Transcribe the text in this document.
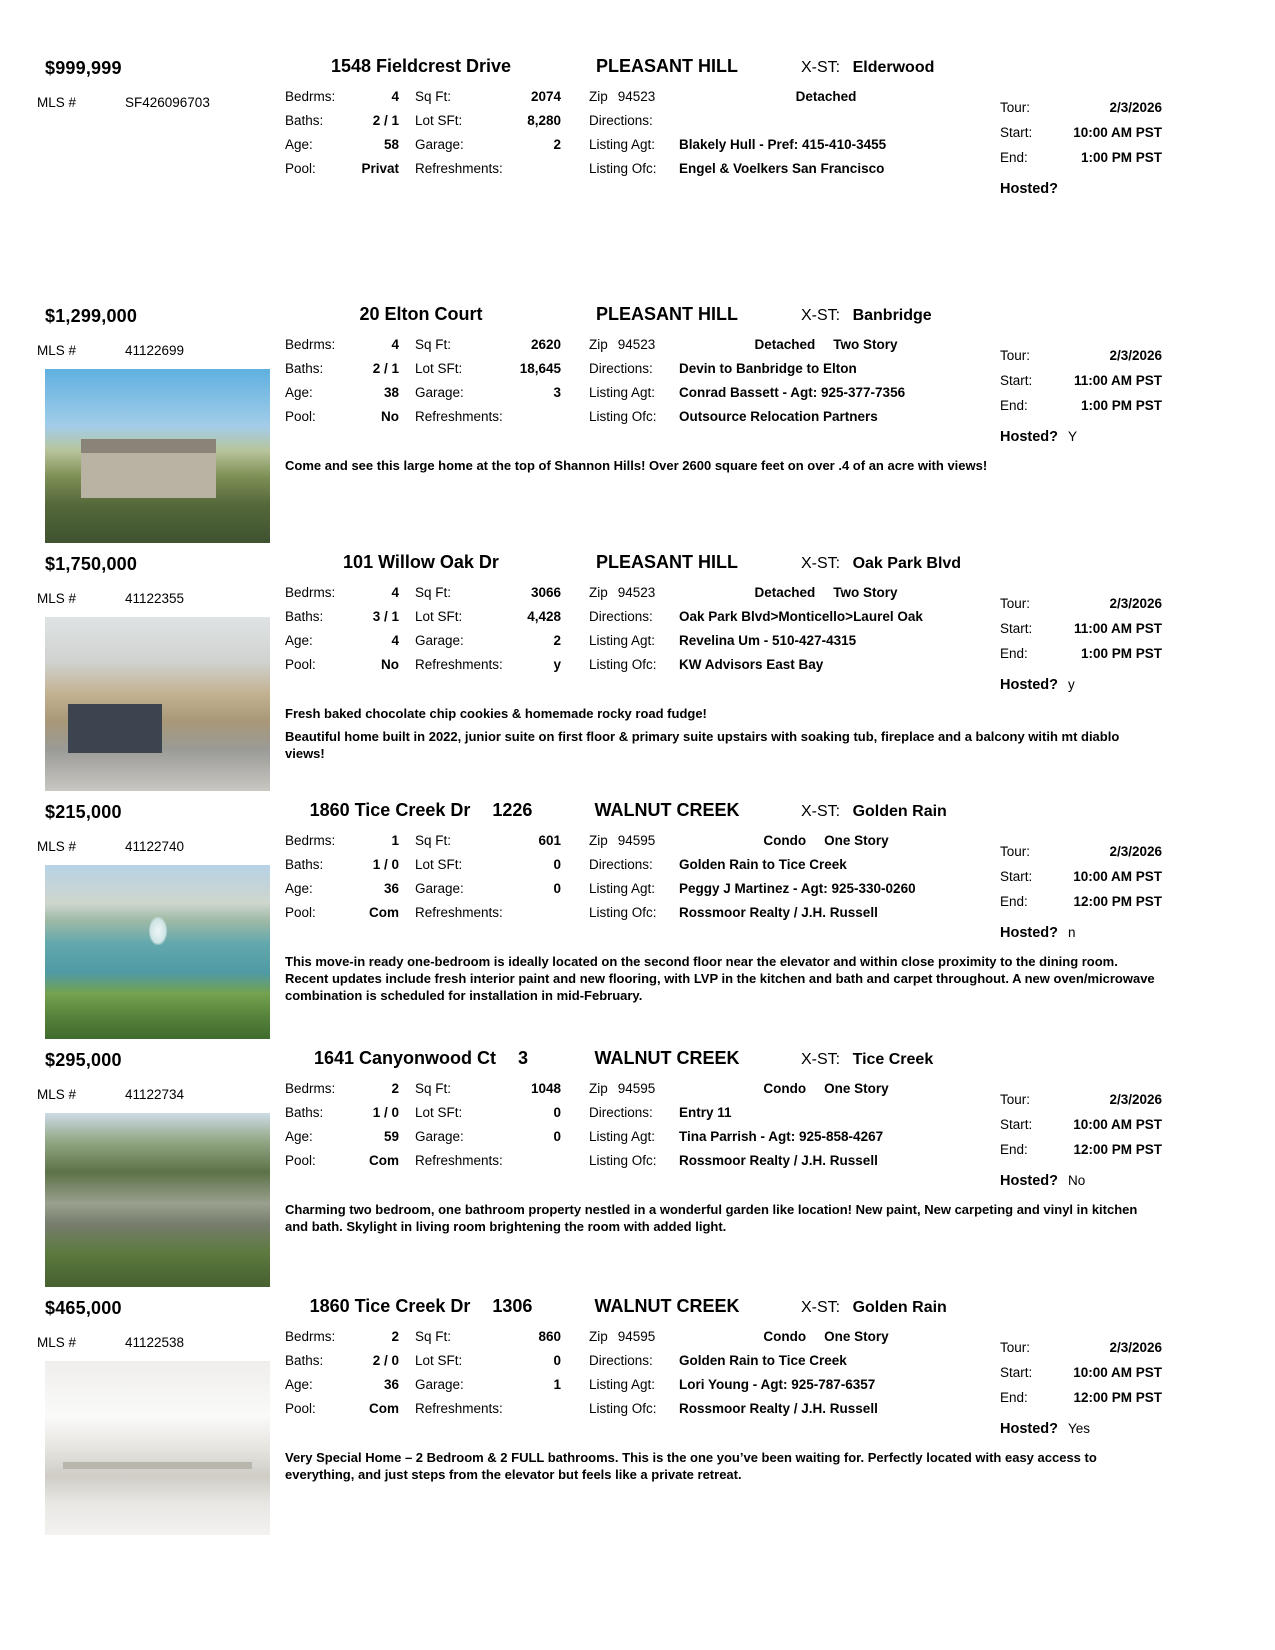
$999,999
MLS #	SF426096703
1548 Fieldcrest Drive	PLEASANT HILL	X-ST: Elderwood
Bedrms:	4 Sq Ft:	2074 Zip 94523	Detached
Baths:	2 / 1 Lot SFt:	8,280 Directions:
Age:	58 Garage:	2 Listing Agt:	Blakely Hull - Pref: 415-410-3455
Pool:	Privat Refreshments:	Listing Ofc:	Engel & Voelkers San Francisco
Tour:	2/3/2026
Start:	10:00 AM PST
End:	1:00 PM PST
Hosted?
$1,299,000
MLS #	41122699
20 Elton Court	PLEASANT HILL	X-ST: Banbridge
Bedrms:	4 Sq Ft:	2620 Zip 94523	Detached Two Story
Baths:	2 / 1 Lot SFt:	18,645 Directions:	Devin to Banbridge to Elton
Age:	38 Garage:	3 Listing Agt:	Conrad Bassett - Agt: 925-377-7356
Pool:	No Refreshments:	Listing Ofc:	Outsource Relocation Partners

Come and see this large home at the top of Shannon Hills! Over 2600 square feet on over .4 of an acre with views!

Tour:	2/3/2026
Start:	11:00 AM PST
End:	1:00 PM PST
Hosted? Y
$1,750,000
MLS #	41122355
101 Willow Oak Dr	PLEASANT HILL	X-ST: Oak Park Blvd
Bedrms:	4 Sq Ft:	3066 Zip 94523	Detached Two Story
Baths:	3 / 1 Lot SFt:	4,428 Directions:	Oak Park Blvd>Monticello>Laurel Oak
Age:	4 Garage:	2 Listing Agt:	Revelina Um - 510-427-4315
Pool:	No Refreshments:	y Listing Ofc:	KW Advisors East Bay

Fresh baked chocolate chip cookies & homemade rocky road fudge!

Beautiful home built in 2022, junior suite on first floor & primary suite upstairs with soaking tub, fireplace and a balcony witih mt diablo views!

Tour:	2/3/2026
Start:	11:00 AM PST
End:	1:00 PM PST
Hosted? y
$215,000
MLS #	41122740
1860 Tice Creek Dr 1226	WALNUT CREEK	X-ST: Golden Rain
Bedrms:	1 Sq Ft:	601 Zip 94595	Condo One Story
Baths:	1 / 0 Lot SFt:	0 Directions:	Golden Rain to Tice Creek
Age:	36 Garage:	0 Listing Agt:	Peggy J Martinez - Agt: 925-330-0260
Pool:	Com Refreshments:	Listing Ofc:	Rossmoor Realty / J.H. Russell

This move-in ready one-bedroom is ideally located on the second floor near the elevator and within close proximity to the dining room. Recent updates include fresh interior paint and new flooring, with LVP in the kitchen and bath and carpet throughout. A new oven/microwave combination is scheduled for installation in mid-February.

Tour:	2/3/2026
Start:	10:00 AM PST
End:	12:00 PM PST
Hosted? n
$295,000
MLS #	41122734
1641 Canyonwood Ct 3	WALNUT CREEK	X-ST: Tice Creek
Bedrms:	2 Sq Ft:	1048 Zip 94595	Condo One Story
Baths:	1 / 0 Lot SFt:	0 Directions:	Entry 11
Age:	59 Garage:	0 Listing Agt:	Tina Parrish - Agt: 925-858-4267
Pool:	Com Refreshments:	Listing Ofc:	Rossmoor Realty / J.H. Russell

Charming two bedroom, one bathroom property nestled in a wonderful garden like location! New paint, New carpeting and vinyl in kitchen and bath. Skylight in living room brightening the room with added light.

Tour:	2/3/2026
Start:	10:00 AM PST
End:	12:00 PM PST
Hosted? No
$465,000
MLS #	41122538
1860 Tice Creek Dr 1306	WALNUT CREEK	X-ST: Golden Rain
Bedrms:	2 Sq Ft:	860 Zip 94595	Condo One Story
Baths:	2 / 0 Lot SFt:	0 Directions:	Golden Rain to Tice Creek
Age:	36 Garage:	1 Listing Agt:	Lori Young - Agt: 925-787-6357
Pool:	Com Refreshments:	Listing Ofc:	Rossmoor Realty / J.H. Russell

Very Special Home – 2 Bedroom & 2 FULL bathrooms. This is the one you’ve been waiting for. Perfectly located with easy access to everything, and just steps from the elevator but feels like a private retreat.

Tour:	2/3/2026
Start:	10:00 AM PST
End:	12:00 PM PST
Hosted? Yes
